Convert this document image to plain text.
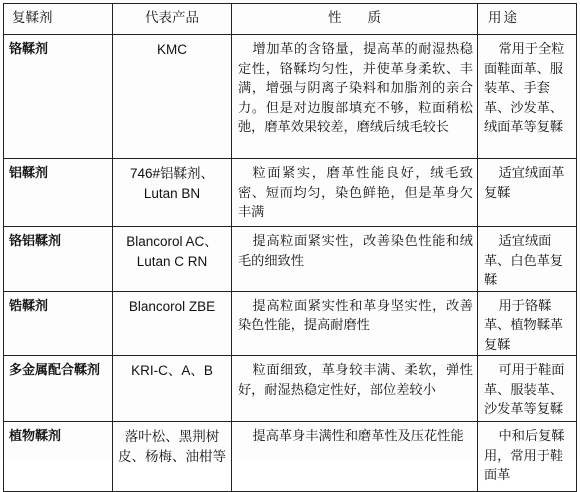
复鞣剂	代表产品	性质	用途
铬鞣剂	KMC	增加革的含铬量，提高革的耐湿热稳定性，铬鞣均匀性，并使革身柔软、丰满，增强与阴离子染料和加脂剂的亲合力。但是对边腹部填充不够，粒面稍松弛，磨革效果较差，磨绒后绒毛较长	常用于全粒面鞋面革、服装革、手套革、沙发革、绒面革等复鞣

铝鞣剂	746#铝鞣剂、Lutan BN	粒面紧实，磨革性能良好，绒毛致密、短而均匀，染色鲜艳，但是革身欠丰满	适宜绒面革复鞣

铬铝鞣剂	Blancorol AC、Lutan C RN	提高粒面紧实性，改善染色性能和绒毛的细致性	适宜绒面革、白色革复鞣

锆鞣剂	Blancorol ZBE	提高粒面紧实性和革身坚实性，改善染色性能，提高耐磨性	用于铬鞣革、植物鞣革复鞣

多金属配合鞣剂	KRI-C、A、B	粒面细致，革身较丰满、柔软，弹性好，耐湿热稳定性好，部位差较小	可用于鞋面革、服装革、沙发革等复鞣

植物鞣剂	落叶松、黑荆树皮、杨梅、油柑等	提高革身丰满性和磨革性及压花性能	中和后复鞣用，常用于鞋面革
